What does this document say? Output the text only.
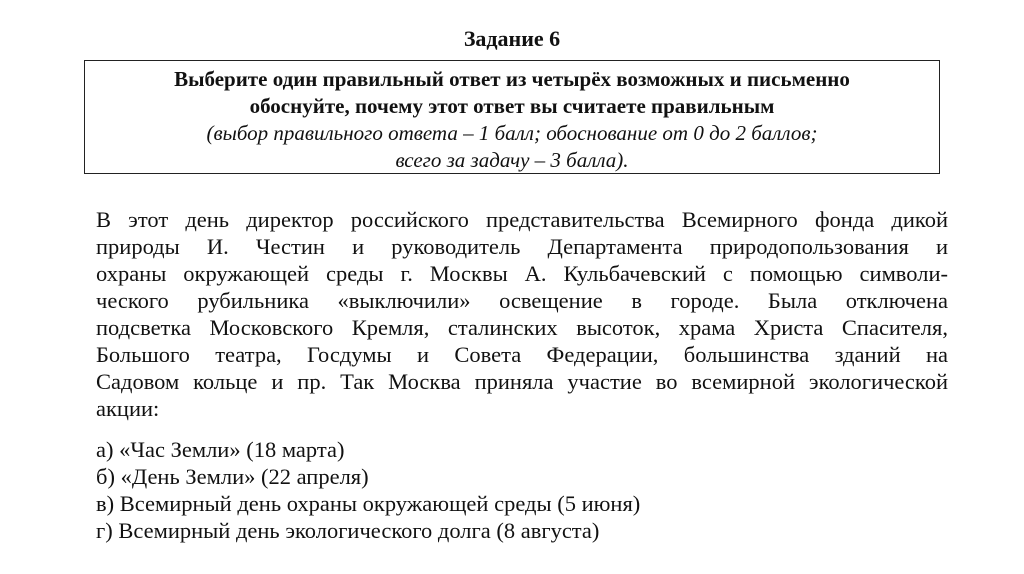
Задание 6
Выберите один правильный ответ из четырёх возможных и письменно
обоснуйте, почему этот ответ вы считаете правильным
(выбор правильного ответа – 1 балл; обоснование от 0 до 2 баллов;
всего за задачу – 3 балла).
В этот день директор российского представительства Всемирного фонда дикой
природы И. Честин и руководитель Департамента природопользования и
охраны окружающей среды г. Москвы А. Кульбачевский с помощью символи-
ческого рубильника «выключили» освещение в городе. Была отключена
подсветка Московского Кремля, сталинских высоток, храма Христа Спасителя,
Большого театра, Госдумы и Совета Федерации, большинства зданий на
Садовом кольце и пр. Так Москва приняла участие во всемирной экологической
акции:
а) «Час Земли» (18 марта)
б) «День Земли» (22 апреля)
в) Всемирный день охраны окружающей среды (5 июня)
г) Всемирный день экологического долга (8 августа)
